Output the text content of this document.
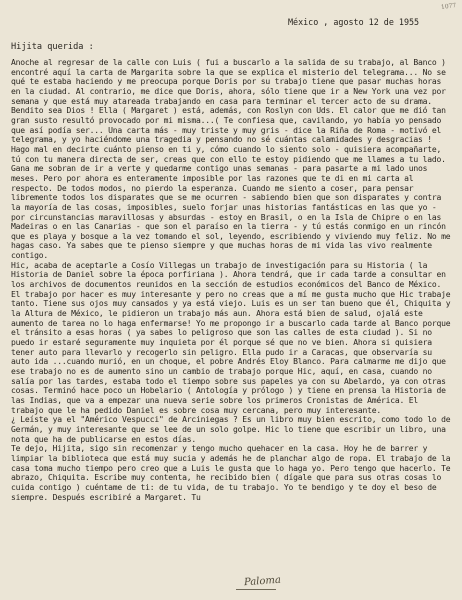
1077
México , agosto 12 de 1955
Hijita querida :
Anoche al regresar de la calle con Luis ( fui a buscarlo a la salida de su trabajo, al Banco )
encontré aquí la carta de Margarita sobre la que se explica el misterio del telegrama... No se
qué te estaba haciendo y me preocupa porque Doris por su trabajo tiene que pasar muchas horas
en la ciudad. Al contrario, me dice que Doris, ahora, sólo tiene que ir a New York una vez por
semana y que está muy atareada trabajando en casa para terminar el tercer acto de su drama.
Bendito sea Dios ! Ella ( Margaret ) está, además, con Roslyn con Uds. El calor que me dió tan
gran susto resultó provocado por mi misma...( Te confiesa que, cavilando, yo había yo pensado
que así podía ser... Una carta más - muy triste y muy gris - dice la Riña de Roma - motivó el
telegrama, y yo haciéndome una tragedia y pensando no sé cuántas calamidades y desgracias !
Hago mal en decirte cuánto pienso en ti y, cómo cuando lo siento solo - quisiera acompañarte,
tú con tu manera directa de ser, creas que con ello te estoy pidiendo que me llames a tu lado.
Gana me sobran de ir a verte y quedarme contigo unas semanas - para pasarte a mi lado unos
meses. Pero por ahora es enteramente imposible por las razones que te di en mi carta al
respecto. De todos modos, no pierdo la esperanza. Cuando me siento a coser, para pensar
libremente todos los disparates que se me ocurren - sabiendo bien que son disparates y contra
la mayoría de las cosas, imposibles, suelo forjar unas historias fantásticas en las que yo -
por circunstancias maravillosas y absurdas - estoy en Brasil, o en la Isla de Chipre o en las
Madeiras o en las Canarias - que son el paraíso en la tierra - y tú estás conmigo en un rincón
que es playa y bosque a la vez tomando el sol, leyendo, escribiendo y viviendo muy feliz. No me
hagas caso. Ya sabes que te pienso siempre y que muchas horas de mi vida las vivo realmente
contigo.
Hic, acaba de aceptarle a Cosío Villegas un trabajo de investigación para su Historia ( la
Historia de Daniel sobre la época porfiriana ). Ahora tendrá, que ir cada tarde a consultar en
los archivos de documentos reunidos en la sección de estudios económicos del Banco de México.
El trabajo por hacer es muy interesante y pero no creas que a mí me gusta mucho que Hic trabaje
tanto. Tiene sus ojos muy cansados y ya está viejo. Luis es un ser tan bueno que él, Chiquita y
la Altura de México, le pidieron un trabajo más aun. Ahora está bien de salud, ojalá este
aumento de tarea no lo haga enfermarse! Yo me propongo ir a buscarlo cada tarde al Banco porque
el tránsito a esas horas ( ya sabes lo peligroso que son las calles de esta ciudad ). Si no
puedo ir estaré seguramente muy inquieta por él porque sé que no ve bien. Ahora si quisiera
tener auto para llevarlo y recogerlo sin peligro. Ella pudo ir a Caracas, que observaría su
auto ida ...cuando murió, en un choque, el pobre Andrés Eloy Blanco. Para calmarme me dijo que
ese trabajo no es de aumento sino un cambio de trabajo porque Hic, aquí, en casa, cuando no
salía por las tardes, estaba todo el tiempo sobre sus papeles ya con su Abelardo, ya con otras
cosas. Terminó hace poco un Hobelario ( Antología y prólogo ) y tiene en prensa la Historia de
las Indias, que va a empezar una nueva serie sobre los primeros Cronistas de América. El
trabajo que le ha pedido Daniel es sobre cosa muy cercana, pero muy interesante.
¿ Leíste ya el "Américo Vespucci" de Arciniegas ? Es un libro muy bien escrito, como todo lo de
Germán, y muy interesante que se lee de un solo golpe. Hic lo tiene que escribir un libro, una
nota que ha de publicarse en estos días.
Te dejo, Hijita, sigo sin recomenzar y tengo mucho quehacer en la casa. Hoy he de barrer y
limpiar la biblioteca que está muy sucia y además he de planchar algo de ropa. El trabajo de la
casa toma mucho tiempo pero creo que a Luis le gusta que lo haga yo. Pero tengo que hacerlo. Te
abrazo, Chiquita. Escribe muy contenta, he recibido bien ( dígale que para sus otras cosas lo
cuida contigo ) cuéntame de ti: de tu vida, de tu trabajo. Yo te bendigo y te doy el beso de
siempre. Después escribiré a Margaret. Tu
Paloma
